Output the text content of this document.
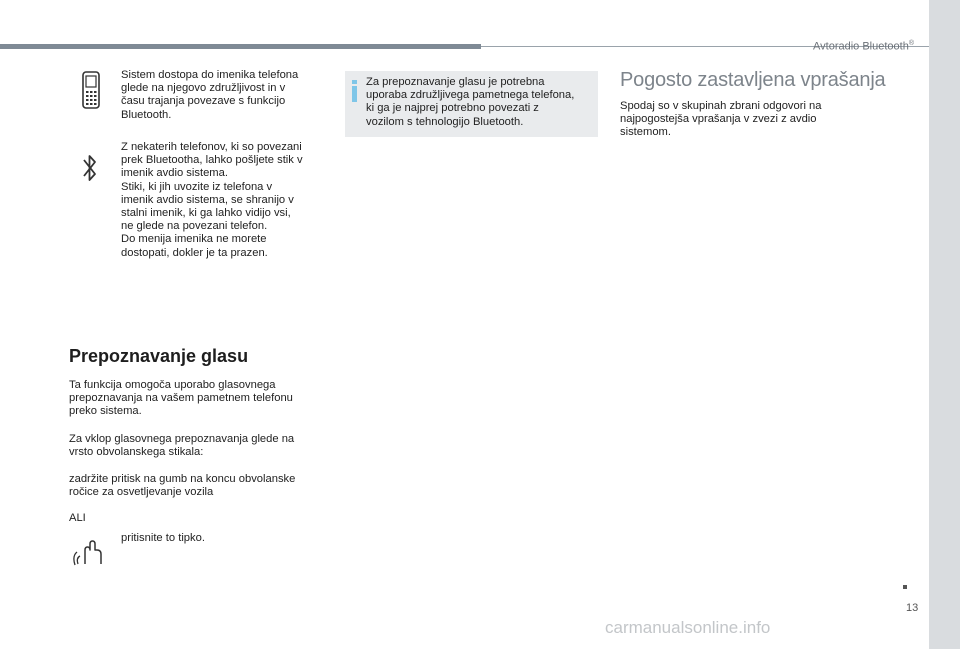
Avtoradio Bluetooth®
Sistem dostopa do imenika telefona
glede na njegovo združljivost in v
času trajanja povezave s funkcijo
Bluetooth.
Z nekaterih telefonov, ki so povezani
prek Bluetootha, lahko pošljete stik v
imenik avdio sistema.
Stiki, ki jih uvozite iz telefona v
imenik avdio sistema, se shranijo v
stalni imenik, ki ga lahko vidijo vsi,
ne glede na povezani telefon.
Do menija imenika ne morete
dostopati, dokler je ta prazen.
Prepoznavanje glasu
Ta funkcija omogoča uporabo glasovnega
prepoznavanja na vašem pametnem telefonu
preko sistema.
Za vklop glasovnega prepoznavanja glede na
vrsto obvolanskega stikala:
zadržite pritisk na gumb na koncu obvolanske
ročice za osvetljevanje vozila
ALI
pritisnite to tipko.
Za prepoznavanje glasu je potrebna
uporaba združljivega pametnega telefona,
ki ga je najprej potrebno povezati z
vozilom s tehnologijo Bluetooth.
Pogosto zastavljena vprašanja
Spodaj so v skupinah zbrani odgovori na
najpogostejša vprašanja v zvezi z avdio
sistemom.
13
carmanualsonline.info
